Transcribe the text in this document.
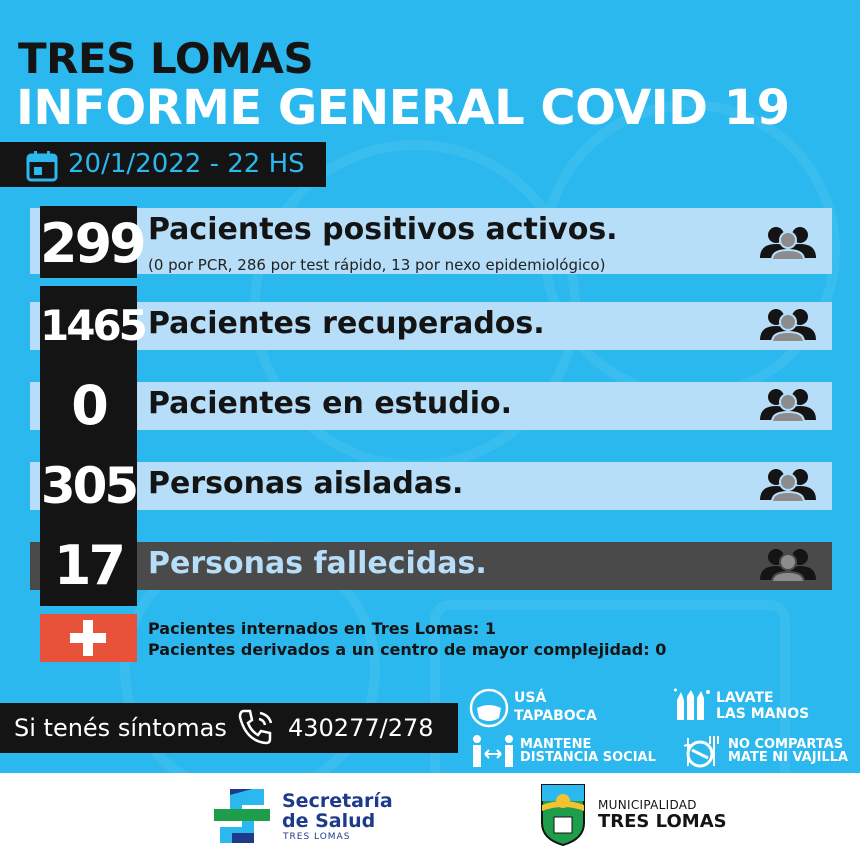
TRES LOMAS
INFORME GENERAL COVID 19
20/1/2022 - 22 HS
299 Pacientes positivos activos.
(0 por PCR, 286 por test rápido, 13 por nexo epidemiológico)
1465 Pacientes recuperados.
0	Pacientes en estudio.
305 Personas aisladas.
17 Personas fallecidas.
Pacientes internados en Tres Lomas: 1
Pacientes derivados a un centro de mayor complejidad: 0
Si tenés síntomas	430277/278
USÁ
TAPABOCA
LAVATE
LAS MANOS
MANTENE
DISTANCIA SOCIAL
NO COMPARTAS
MATE NI VAJILLA
Secretaría
de Salud
TRES LOMAS
MUNICIPALIDAD
TRES LOMAS
